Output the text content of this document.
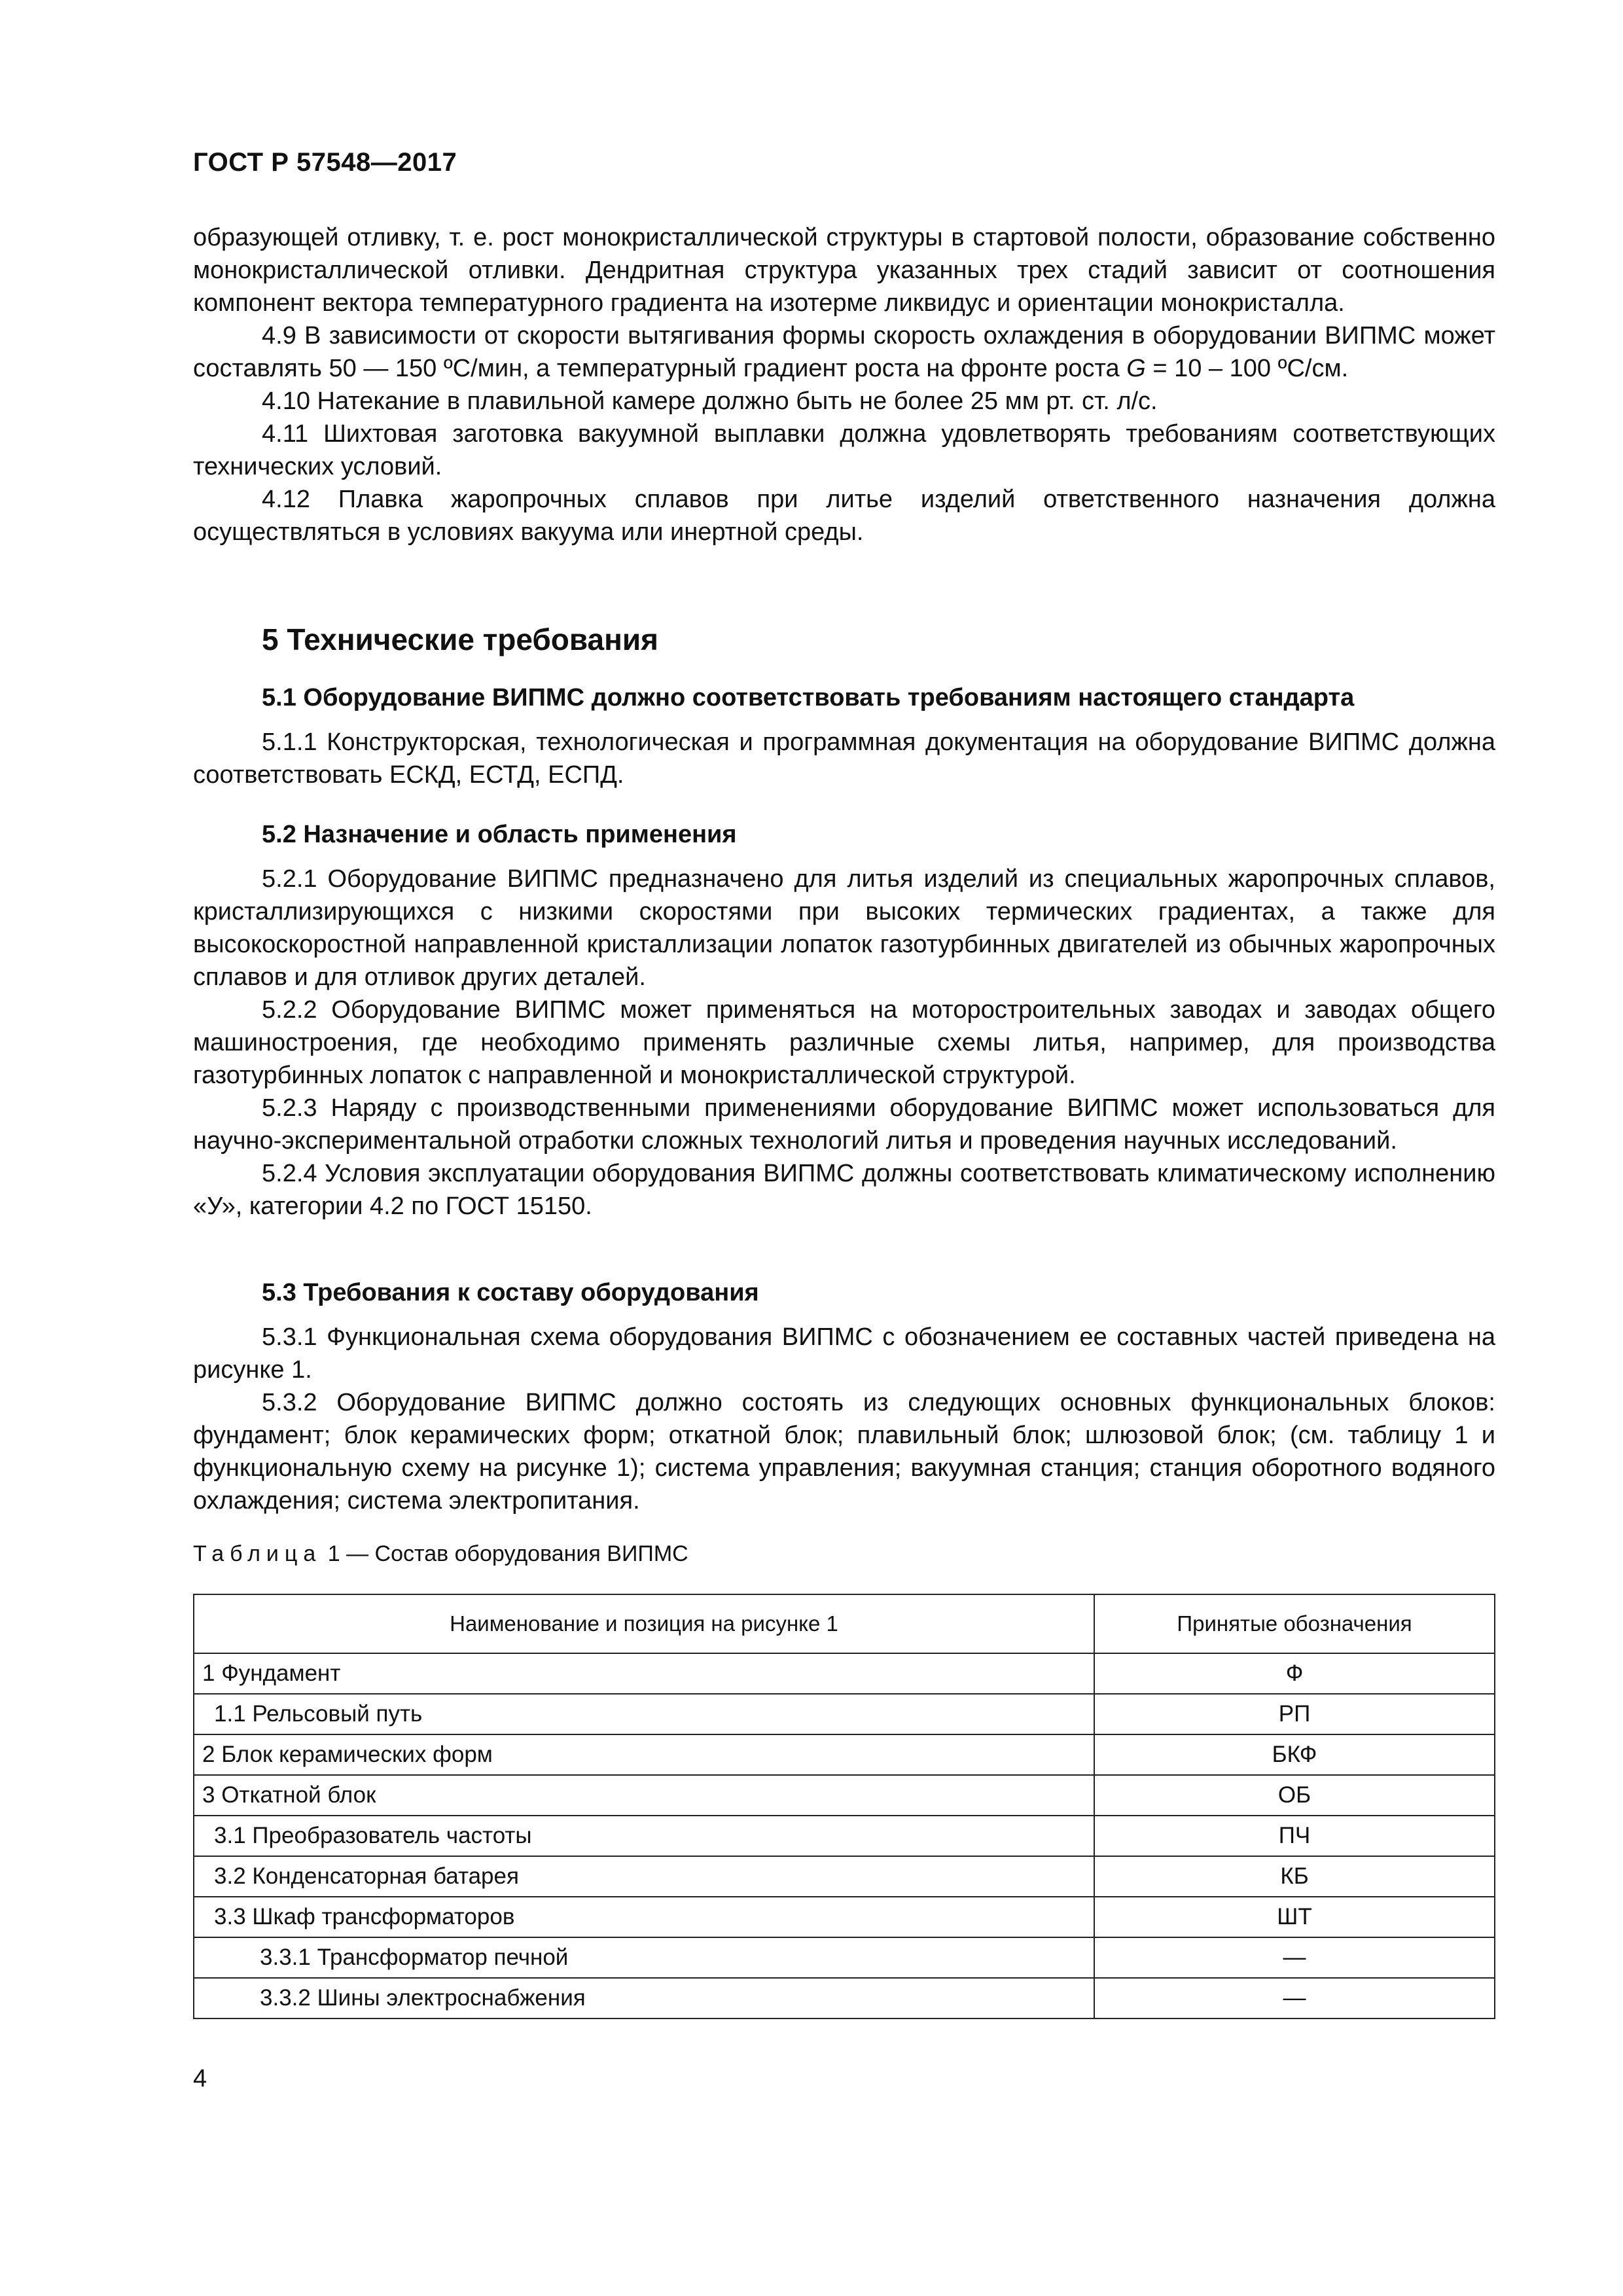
ГОСТ Р 57548—2017

образующей отливку, т. е. рост монокристаллической структуры в стартовой полости, образование собственно монокристаллической отливки. Дендритная структура указанных трех стадий зависит от соотношения компонент вектора температурного градиента на изотерме ликвидус и ориентации монокристалла.

4.9 В зависимости от скорости вытягивания формы скорость охлаждения в оборудовании ВИПМС может составлять 50 — 150 ºС/мин, а температурный градиент роста на фронте роста G = 10 – 100 ºС/см.

4.10 Натекание в плавильной камере должно быть не более 25 мм рт. ст. л/с.

4.11 Шихтовая заготовка вакуумной выплавки должна удовлетворять требованиям соответствующих технических условий.

4.12 Плавка жаропрочных сплавов при литье изделий ответственного назначения должна осуществляться в условиях вакуума или инертной среды.

5 Технические требования

5.1 Оборудование ВИПМС должно соответствовать требованиям настоящего стандарта

5.1.1 Конструкторская, технологическая и программная документация на оборудование ВИПМС должна соответствовать ЕСКД, ЕСТД, ЕСПД.

5.2 Назначение и область применения

5.2.1 Оборудование ВИПМС предназначено для литья изделий из специальных жаропрочных сплавов, кристаллизирующихся с низкими скоростями при высоких термических градиентах, а также для высокоскоростной направленной кристаллизации лопаток газотурбинных двигателей из обычных жаропрочных сплавов и для отливок других деталей.

5.2.2 Оборудование ВИПМС может применяться на моторостроительных заводах и заводах общего машиностроения, где необходимо применять различные схемы литья, например, для производства газотурбинных лопаток с направленной и монокристаллической структурой.

5.2.3 Наряду с производственными применениями оборудование ВИПМС может использоваться для научно-экспериментальной отработки сложных технологий литья и проведения научных исследований.

5.2.4 Условия эксплуатации оборудования ВИПМС должны соответствовать климатическому исполнению «У», категории 4.2 по ГОСТ 15150.

5.3 Требования к составу оборудования

5.3.1 Функциональная схема оборудования ВИПМС с обозначением ее составных частей приведена на рисунке 1.

5.3.2 Оборудование ВИПМС должно состоять из следующих основных функциональных блоков: фундамент; блок керамических форм; откатной блок; плавильный блок; шлюзовой блок; (см. таблицу 1 и функциональную схему на рисунке 1); система управления; вакуумная станция; станция оборотного водяного охлаждения; система электропитания.

Таблица 1 — Состав оборудования ВИПМС
Наименование и позиция на рисунке 1	Принятые обозначения
1 Фундамент	Ф
1.1 Рельсовый путь	РП
2 Блок керамических форм	БКФ
3 Откатной блок	ОБ
3.1 Преобразователь частоты	ПЧ
3.2 Конденсаторная батарея	КБ
3.3 Шкаф трансформаторов	ШТ
3.3.1 Трансформатор печной	—
3.3.2 Шины электроснабжения	—
4
